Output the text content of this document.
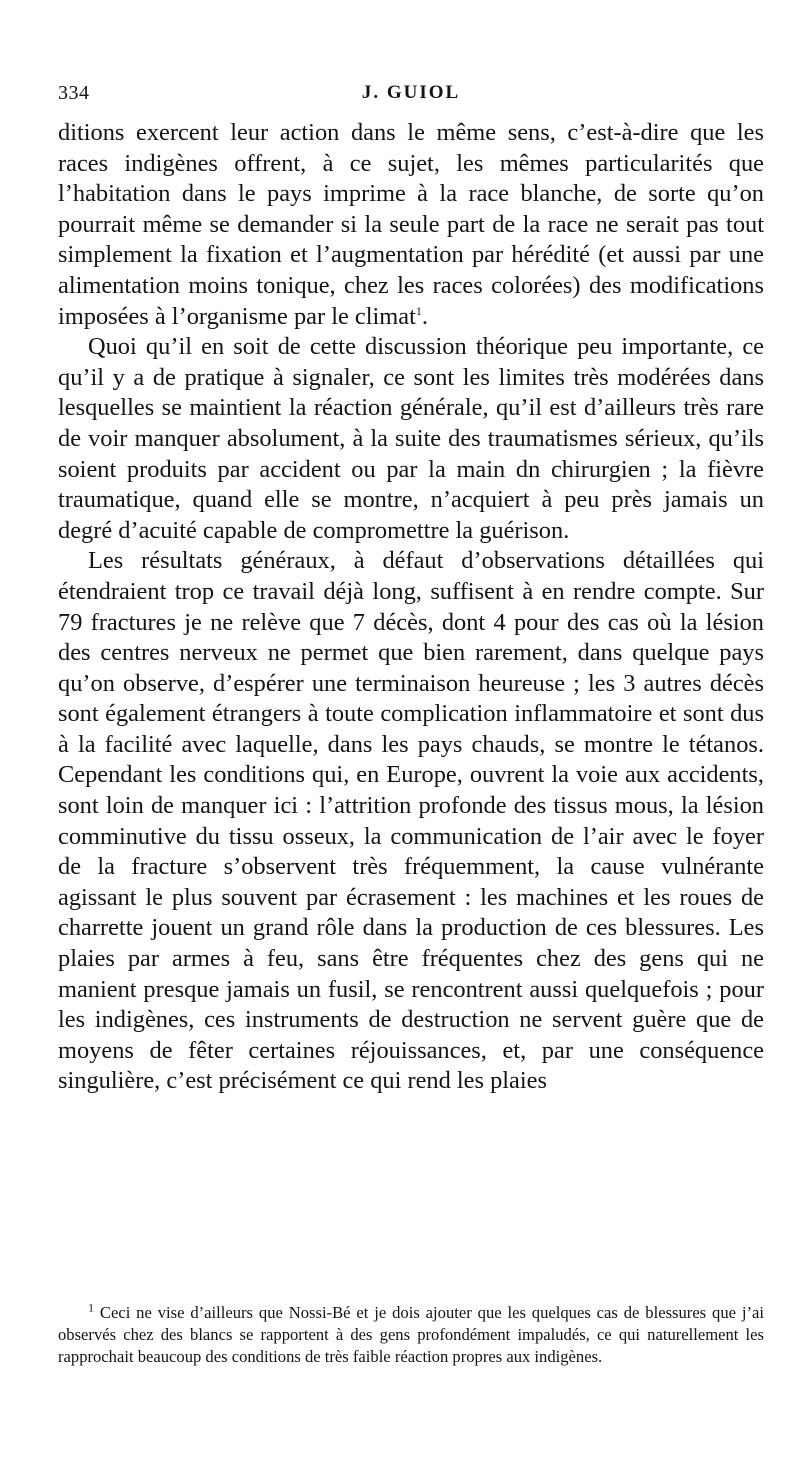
334	J. GUIOL

ditions exercent leur action dans le même sens, c’est-à-dire que les races indigènes offrent, à ce sujet, les mêmes particularités que l’habitation dans le pays imprime à la race blanche, de sorte qu’on pourrait même se demander si la seule part de la race ne serait pas tout simplement la fixation et l’augmentation par hérédité (et aussi par une alimentation moins tonique, chez les races colorées) des modifications imposées à l’organisme par le climat$^1$.

Quoi qu’il en soit de cette discussion théorique peu importante, ce qu’il y a de pratique à signaler, ce sont les limites très modérées dans lesquelles se maintient la réaction générale, qu’il est d’ailleurs très rare de voir manquer absolument, à la suite des traumatismes sérieux, qu’ils soient produits par accident ou par la main dn chirurgien ; la fièvre traumatique, quand elle se montre, n’acquiert à peu près jamais un degré d’acuité capable de compromettre la guérison.

Les résultats généraux, à défaut d’observations détaillées qui étendraient trop ce travail déjà long, suffisent à en rendre compte. Sur 79 fractures je ne relève que 7 décès, dont 4 pour des cas où la lésion des centres nerveux ne permet que bien rarement, dans quelque pays qu’on observe, d’espérer une terminaison heureuse ; les 3 autres décès sont également étrangers à toute complication inflammatoire et sont dus à la facilité avec laquelle, dans les pays chauds, se montre le tétanos. Cependant les conditions qui, en Europe, ouvrent la voie aux accidents, sont loin de manquer ici : l’attrition profonde des tissus mous, la lésion comminutive du tissu osseux, la communication de l’air avec le foyer de la fracture s’observent très fréquemment, la cause vulnérante agissant le plus souvent par écrasement : les machines et les roues de charrette jouent un grand rôle dans la production de ces blessures. Les plaies par armes à feu, sans être fréquentes chez des gens qui ne manient presque jamais un fusil, se rencontrent aussi quelquefois ; pour les indigènes, ces instruments de destruction ne servent guère que de moyens de fêter certaines réjouissances, et, par une conséquence singulière, c’est précisément ce qui rend les plaies

$^1$ Ceci ne vise d’ailleurs que Nossi-Bé et je dois ajouter que les quelques cas de blessures que j’ai observés chez des blancs se rapportent à des gens profondément impaludés, ce qui naturellement les rapprochait beaucoup des conditions de très faible réaction propres aux indigènes.
